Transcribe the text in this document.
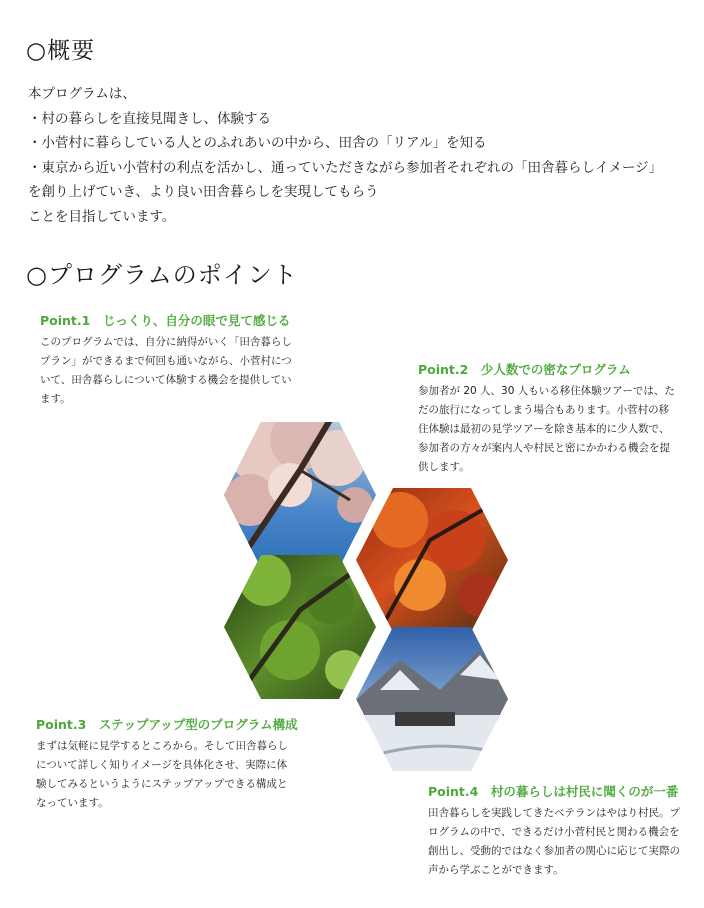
○概要
本プログラムは、
・村の暮らしを直接見聞きし、体験する
・小菅村に暮らしている人とのふれあいの中から、田舎の「リアル」を知る
・東京から近い小菅村の利点を活かし、通っていただきながら参加者それぞれの「田舎暮らしイメージ」
を創り上げていき、より良い田舎暮らしを実現してもらう
ことを目指しています。
○プログラムのポイント
Point.1　じっくり、自分の眼で見て感じる
このプログラムでは、自分に納得がいく「田舎暮らし
プラン」ができるまで何回も通いながら、小菅村につ
いて、田舎暮らしについて体験する機会を提供してい
ます。
Point.2　少人数での密なプログラム
参加者が 20 人、30 人もいる移住体験ツアーでは、た
だの旅行になってしまう場合もあります。小菅村の移
住体験は最初の見学ツアーを除き基本的に少人数で、
参加者の方々が案内人や村民と密にかかわる機会を提
供します。
Point.3　ステップアップ型のプログラム構成
まずは気軽に見学するところから。そして田舎暮らし
について詳しく知りイメージを具体化させ、実際に体
験してみるというようにステップアップできる構成と
なっています。
Point.4　村の暮らしは村民に聞くのが一番
田舎暮らしを実践してきたベテランはやはり村民。プ
ログラムの中で、できるだけ小菅村民と関わる機会を
創出し、受動的ではなく参加者の関心に応じて実際の
声から学ぶことができます。
